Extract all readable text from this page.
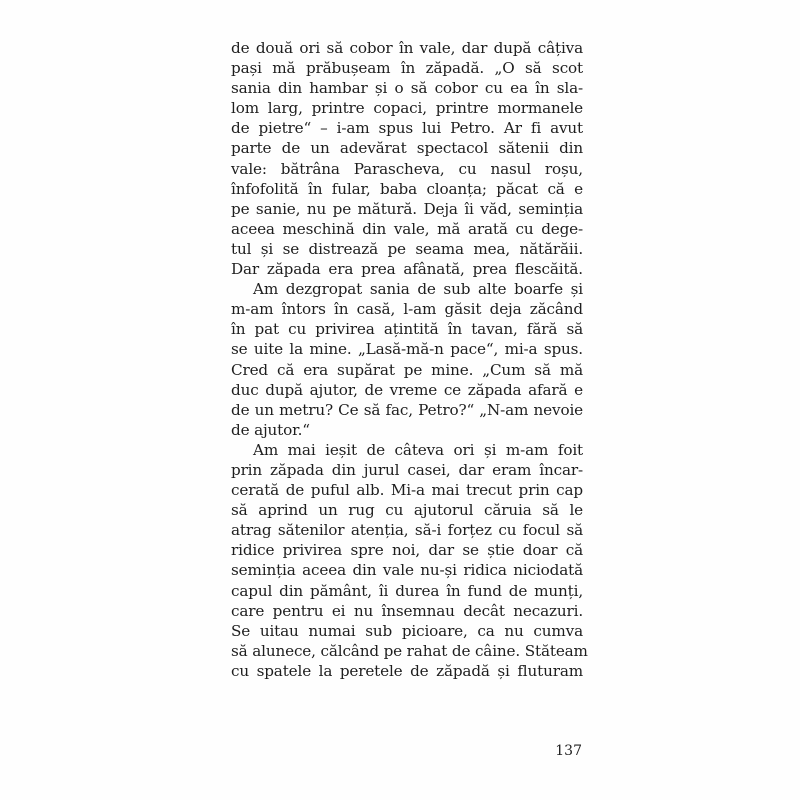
de două ori să cobor în vale, dar după câțiva
pași mă prăbușeam în zăpadă. „O să scot
sania din hambar și o să cobor cu ea în sla-
lom larg, printre copaci, printre mormanele
de pietre“ – i-am spus lui Petro. Ar fi avut
parte de un adevărat spectacol sătenii din
vale: bătrâna Parascheva, cu nasul roșu,
înfofolită în fular, baba cloanța; păcat că e
pe sanie, nu pe mătură. Deja îi văd, seminția
aceea meschină din vale, mă arată cu dege-
tul și se distrează pe seama mea, nătărăii.
Dar zăpada era prea afânată, prea flescăită.
Am dezgropat sania de sub alte boarfe și
m-am întors în casă, l-am găsit deja zăcând
în pat cu privirea ațintită în tavan, fără să
se uite la mine. „Lasă-mă-n pace“, mi-a spus.
Cred că era supărat pe mine. „Cum să mă
duc după ajutor, de vreme ce zăpada afară e
de un metru? Ce să fac, Petro?“ „N-am nevoie
de ajutor.“
Am mai ieșit de câteva ori și m-am foit
prin zăpada din jurul casei, dar eram încar-
cerată de puful alb. Mi-a mai trecut prin cap
să aprind un rug cu ajutorul căruia să le
atrag sătenilor atenția, să-i forțez cu focul să
ridice privirea spre noi, dar se știe doar că
seminția aceea din vale nu-și ridica niciodată
capul din pământ, îi durea în fund de munți,
care pentru ei nu însemnau decât necazuri.
Se uitau numai sub picioare, ca nu cumva
să alunece, călcând pe rahat de câine. Stăteam
cu spatele la peretele de zăpadă și fluturam
137
